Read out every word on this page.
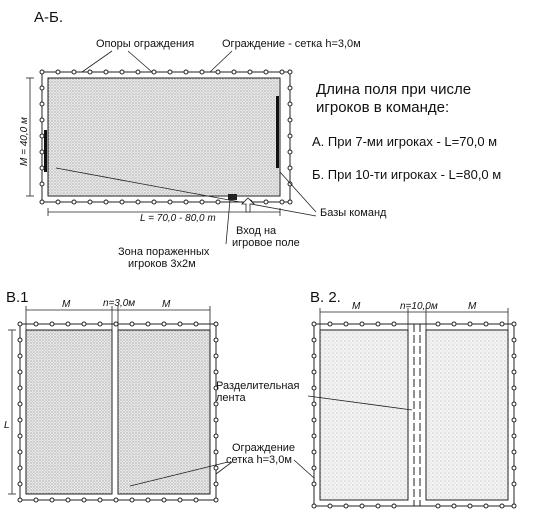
А-Б.
Опоры ограждения	Ограждение - сетка h=3,0м
M = 40,0 м
L = 70,0 - 80,0 m	Базы команд
Вход на
игровое поле
Зона пораженных
игроков 3х2м
Длина поля при числе
игроков в команде:
А. При 7-ми игроках - L=70,0 м
Б. При 10-ти игроках - L=80,0 м
В.1	M	n=3,0м	M
L
Разделительная
лента
Ограждение
сетка h=3,0м
В. 2.
M	n=10,0м	M
